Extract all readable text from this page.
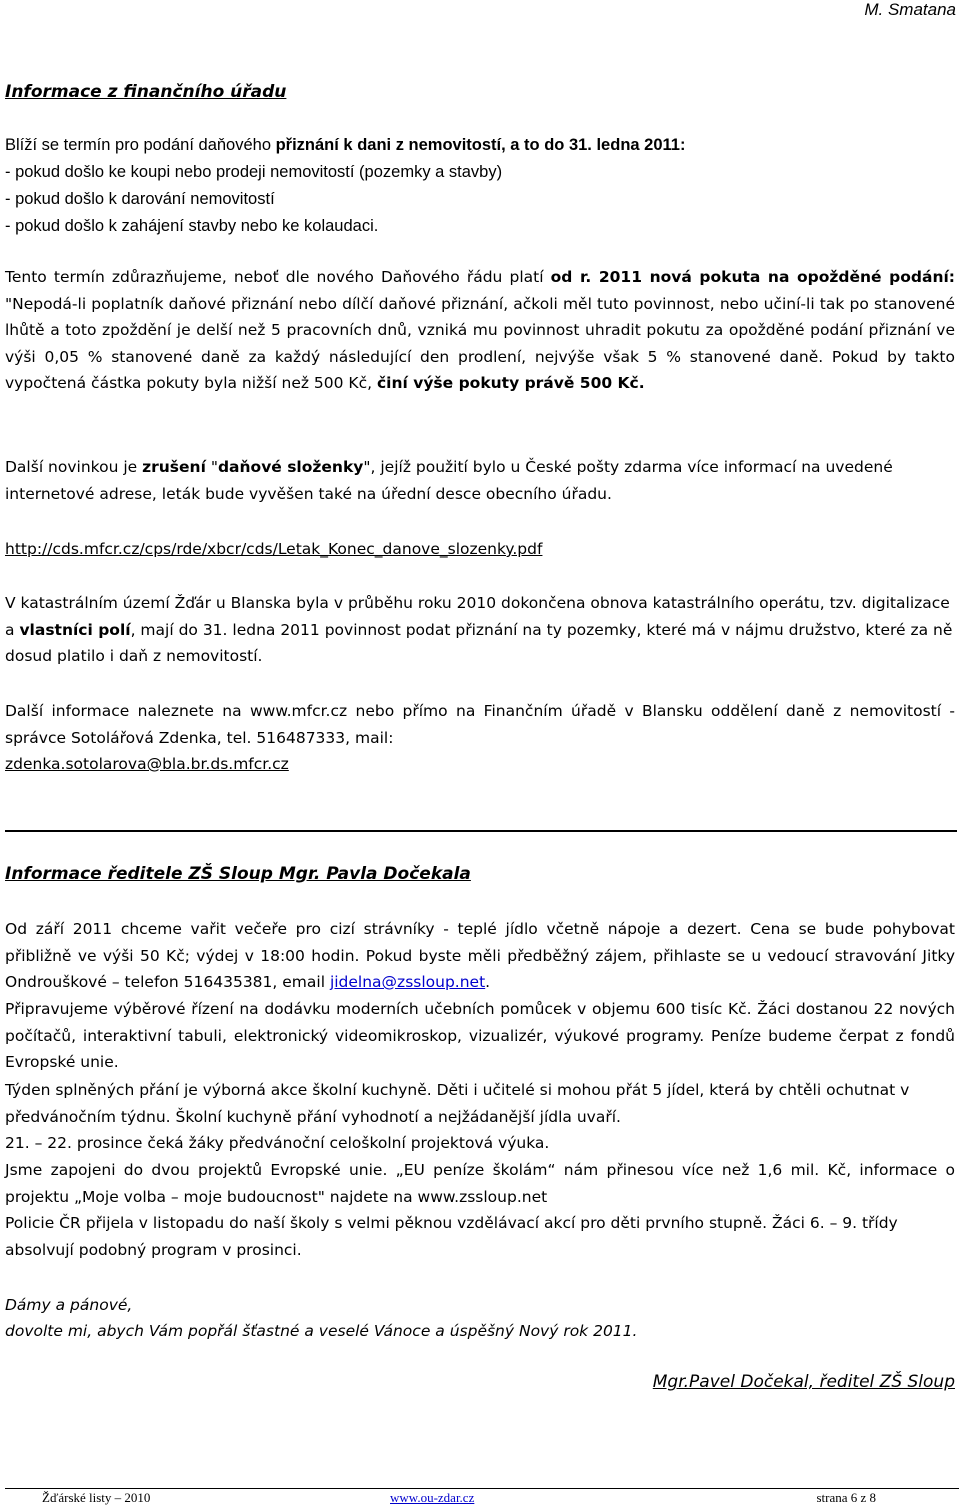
M. Smatana
Informace z finančního úřadu
Blíží se termín pro podání daňového přiznání k dani z nemovitostí, a to do 31. ledna 2011:
- pokud došlo ke koupi nebo prodeji nemovitostí (pozemky a stavby)
- pokud došlo k darování nemovitostí
- pokud došlo k zahájení stavby nebo ke kolaudaci.
Tento termín zdůrazňujeme, neboť dle nového Daňového řádu platí od r. 2011 nová pokuta na opožděné podání: "Nepodá-li poplatník daňové přiznání nebo dílčí daňové přiznání, ačkoli měl tuto povinnost, nebo učiní-li tak po stanovené lhůtě a toto zpoždění je delší než 5 pracovních dnů, vzniká mu povinnost uhradit pokutu za opožděné podání přiznání ve výši 0,05 % stanovené daně za každý následující den prodlení, nejvýše však 5 % stanovené daně. Pokud by takto vypočtená částka pokuty byla nižší než 500 Kč, činí výše pokuty právě 500 Kč.
Další novinkou je zrušení "daňové složenky", jejíž použití bylo u České pošty zdarma více informací na uvedené internetové adrese, leták bude vyvěšen také na úřední desce obecního úřadu.
http://cds.mfcr.cz/cps/rde/xbcr/cds/Letak_Konec_danove_slozenky.pdf
V katastrálním území Žďár u Blanska byla v průběhu roku 2010 dokončena obnova katastrálního operátu, tzv. digitalizace a vlastníci polí, mají do 31. ledna 2011 povinnost podat přiznání na ty pozemky, které má v nájmu družstvo, které za ně dosud platilo i daň z nemovitostí.
Další informace naleznete na www.mfcr.cz nebo přímo na Finančním úřadě v Blansku oddělení daně z nemovitostí - správce Sotolářová Zdenka, tel. 516487333, mail:
zdenka.sotolarova@bla.br.ds.mfcr.cz
Informace ředitele ZŠ Sloup Mgr. Pavla Dočekala
Od září 2011 chceme vařit večeře pro cizí strávníky - teplé jídlo včetně nápoje a dezert. Cena se bude pohybovat přibližně ve výši 50 Kč; výdej v 18:00 hodin. Pokud byste měli předběžný zájem, přihlaste se u vedoucí stravování Jitky Ondrouškové – telefon 516435381, email jidelna@zssloup.net.
Připravujeme výběrové řízení na dodávku moderních učebních pomůcek v objemu 600 tisíc Kč. Žáci dostanou 22 nových počítačů, interaktivní tabuli, elektronický videomikroskop, vizualizér, výukové programy. Peníze budeme čerpat z fondů Evropské unie.
Týden splněných přání je výborná akce školní kuchyně. Děti i učitelé si mohou přát 5 jídel, která by chtěli ochutnat v předvánočním týdnu. Školní kuchyně přání vyhodnotí a nejžádanější jídla uvaří.
21. – 22. prosince čeká žáky předvánoční celoškolní projektová výuka.
Jsme zapojeni do dvou projektů Evropské unie. „EU peníze školám“ nám přinesou více než 1,6 mil. Kč, informace o projektu „Moje volba – moje budoucnost" najdete na www.zssloup.net
Policie ČR přijela v listopadu do naší školy s velmi pěknou vzdělávací akcí pro děti prvního stupně. Žáci 6. – 9. třídy absolvují podobný program v prosinci.
Dámy a pánové,
dovolte mi, abych Vám popřál šťastné a veselé Vánoce a úspěšný Nový rok 2011.
Mgr.Pavel Dočekal, ředitel ZŠ Sloup
Žďárské listy – 2010	www.ou-zdar.cz	strana 6 z 8
